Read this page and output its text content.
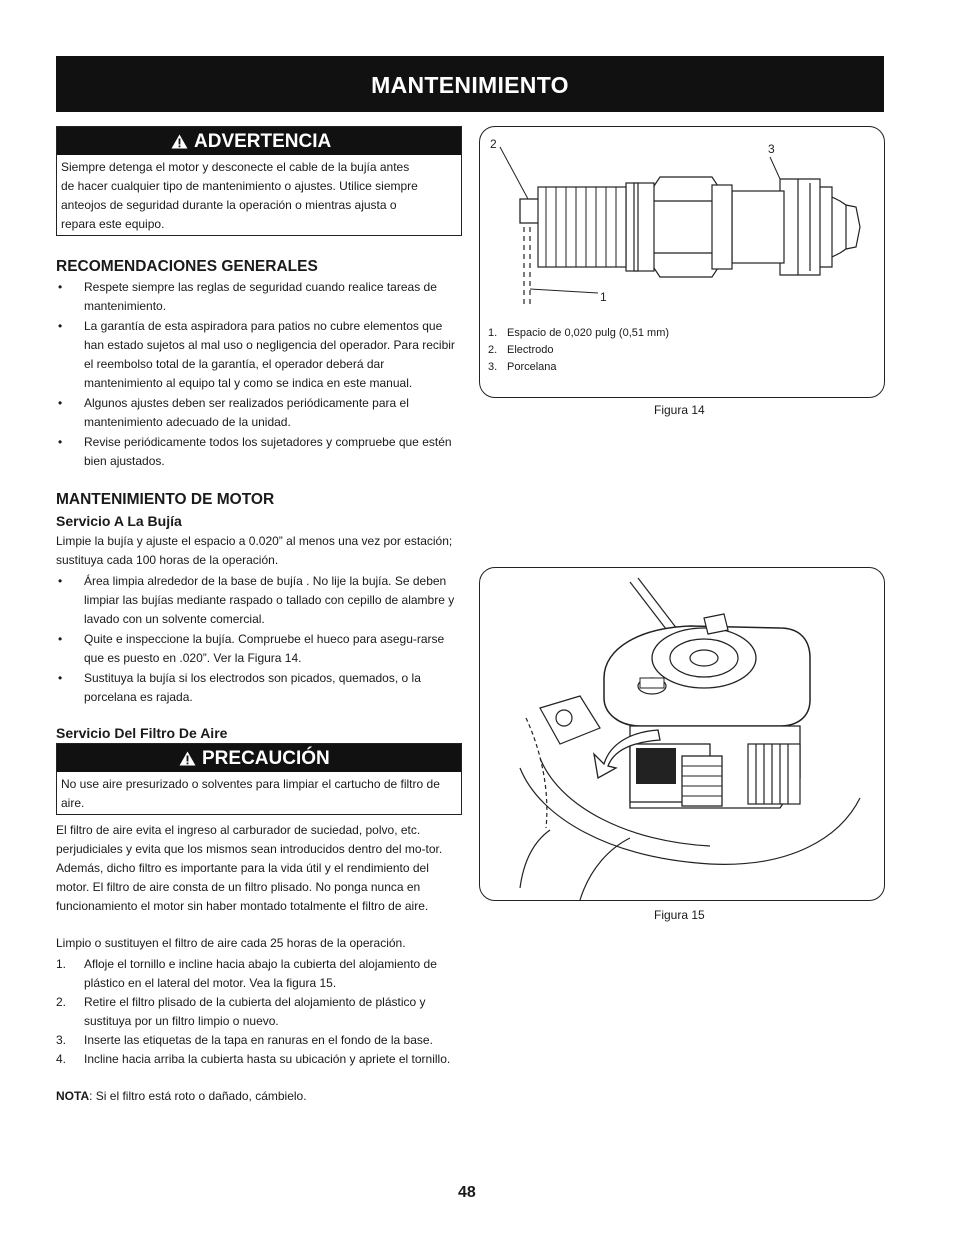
MANTENIMIENTO
ADVERTENCIA
Siempre detenga el motor y desconecte el cable de la bujía antes
de hacer cualquier tipo de mantenimiento o ajustes. Utilice siempre
anteojos de seguridad durante la operación o mientras ajusta o
repara este equipo.
RECOMENDACIONES GENERALES
• Respete siempre las reglas de seguridad cuando realice tareas de mantenimiento.
• La garantía de esta aspiradora para patios no cubre elementos que han estado sujetos al mal uso o negligencia del operador. Para recibir el reembolso total de la garantía, el operador deberá dar mantenimiento al equipo tal y como se indica en este manual.
• Algunos ajustes deben ser realizados periódicamente para el mantenimiento adecuado de la unidad.
• Revise periódicamente todos los sujetadores y compruebe que estén bien ajustados.
MANTENIMIENTO DE MOTOR
Servicio A La Bujía

Limpie la bujía y ajuste el espacio a 0.020” al menos una vez por estación; sustituya cada 100 horas de la operación.

• Área limpia alrededor de la base de bujía . No lije la bujía. Se deben limpiar las bujías mediante raspado o tallado con cepillo de alambre y lavado con un solvente comercial.
• Quite e inspeccione la bujía. Compruebe el hueco para asegu-rarse que es puesto en .020”. Ver la Figura 14.
• Sustituya la bujía si los electrodos son picados, quemados, o la porcelana es rajada.
Servicio Del Filtro De Aire
PRECAUCIÓN
No use aire presurizado o solventes para limpiar el cartucho de filtro de aire.

El filtro de aire evita el ingreso al carburador de suciedad, polvo, etc. perjudiciales y evita que los mismos sean introducidos dentro del mo-tor. Además, dicho filtro es importante para la vida útil y el rendimiento del motor. El filtro de aire consta de un filtro plisado. No ponga nunca en funcionamiento el motor sin haber montado totalmente el filtro de aire.

Limpio o sustituyen el filtro de aire cada 25 horas de la operación.

1. Afloje el tornillo e incline hacia abajo la cubierta del alojamiento de plástico en el lateral del motor. Vea la figura 15.
2. Retire el filtro plisado de la cubierta del alojamiento de plástico y sustituya por un filtro limpio o nuevo.
3. Inserte las etiquetas de la tapa en ranuras en el fondo de la base.
4. Incline hacia arriba la cubierta hasta su ubicación y apriete el tornillo.

NOTA: Si el filtro está roto o dañado, cámbielo.

2	3
1
1. Espacio de 0,020 pulg (0,51 mm)
2. Electrodo
3. Porcelana
Figura 14
Figura 15
48
